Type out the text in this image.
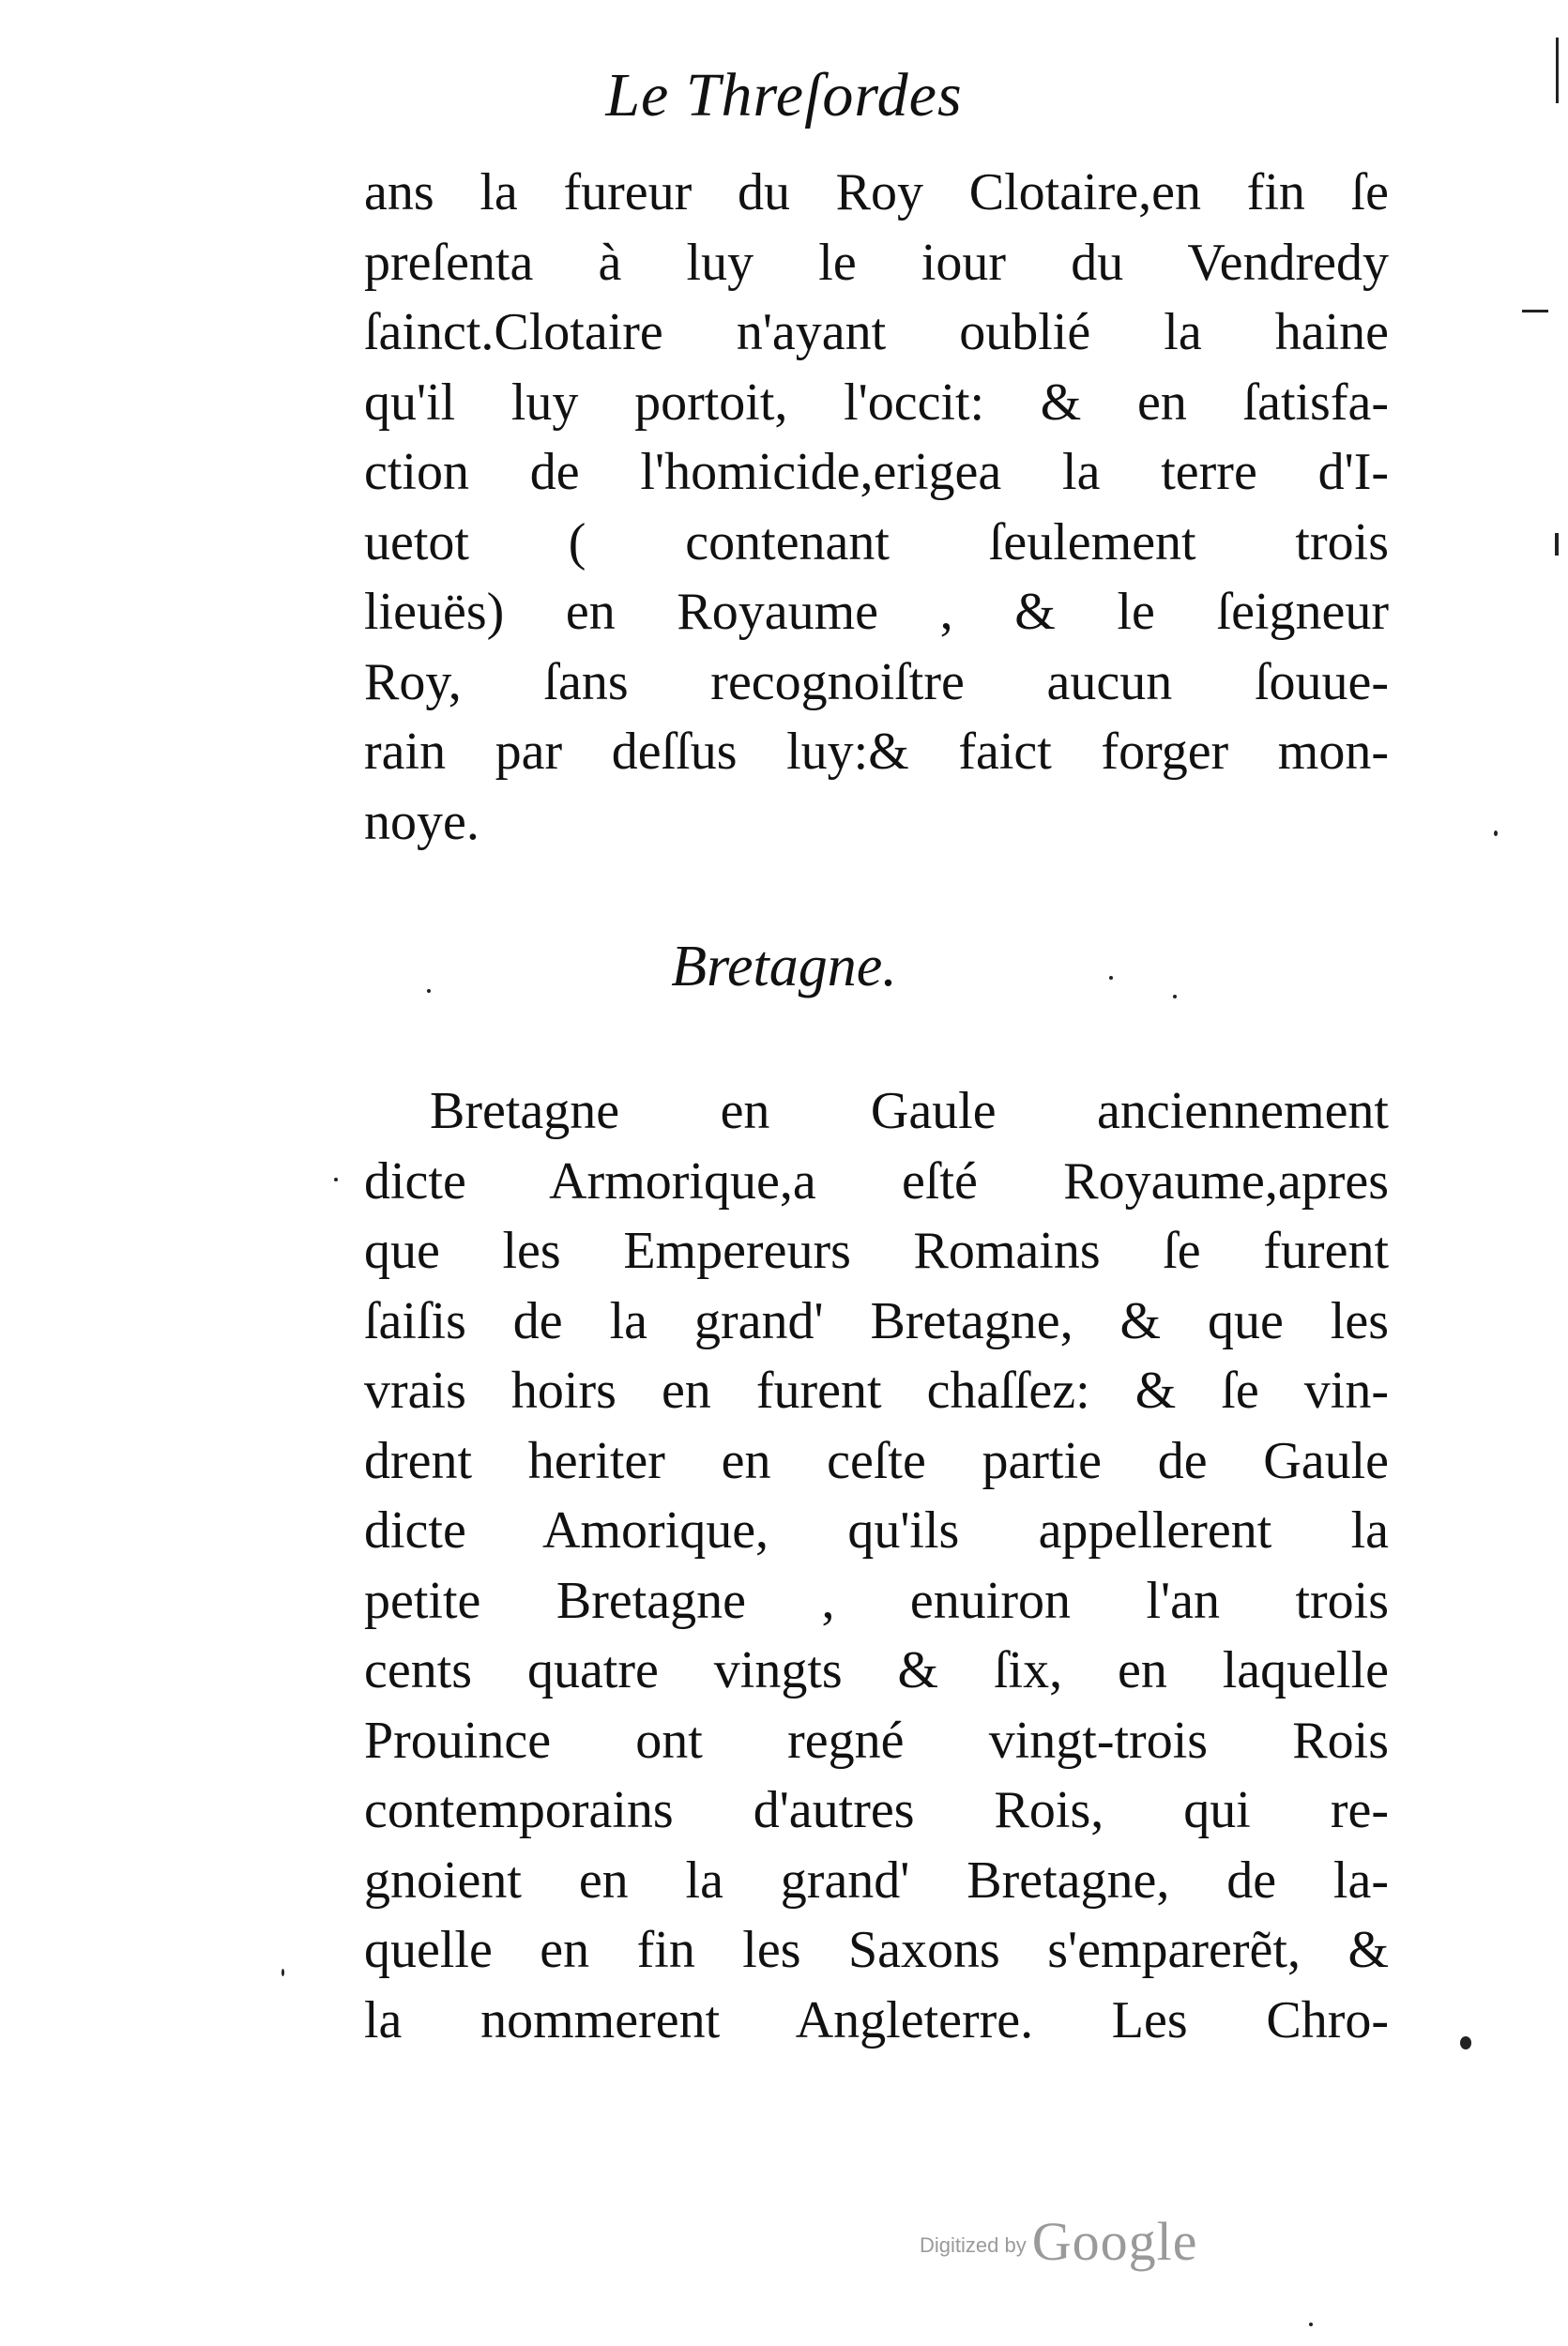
Le Threſordes
ans la fureur du Roy Clotaire,en fin ſe
preſenta à luy le iour du Vendredy
ſainct.Clotaire n'ayant oublié la haine
qu'il luy portoit, l'occit: & en ſatisfa-
ction de l'homicide,erigea la terre d'I-
uetot ( contenant ſeulement trois
lieuës) en Royaume , & le ſeigneur
Roy, ſans recognoiſtre aucun ſouue-
rain par deſſus luy:& faict forger mon-
noye.
Bretagne.
Bretagne en Gaule anciennement
dicte Armorique,a eſté Royaume,apres
que les Empereurs Romains ſe furent
ſaiſis de la grand' Bretagne, & que les
vrais hoirs en furent chaſſez: & ſe vin-
drent heriter en ceſte partie de Gaule
dicte Amorique, qu'ils appellerent la
petite Bretagne , enuiron l'an trois
cents quatre vingts & ſix, en laquelle
Prouince ont regné vingt-trois Rois
contemporains d'autres Rois, qui re-
gnoient en la grand' Bretagne, de la-
quelle en fin les Saxons s'emparerẽt, &
la nommerent Angleterre. Les Chro-
Digitized by Google
